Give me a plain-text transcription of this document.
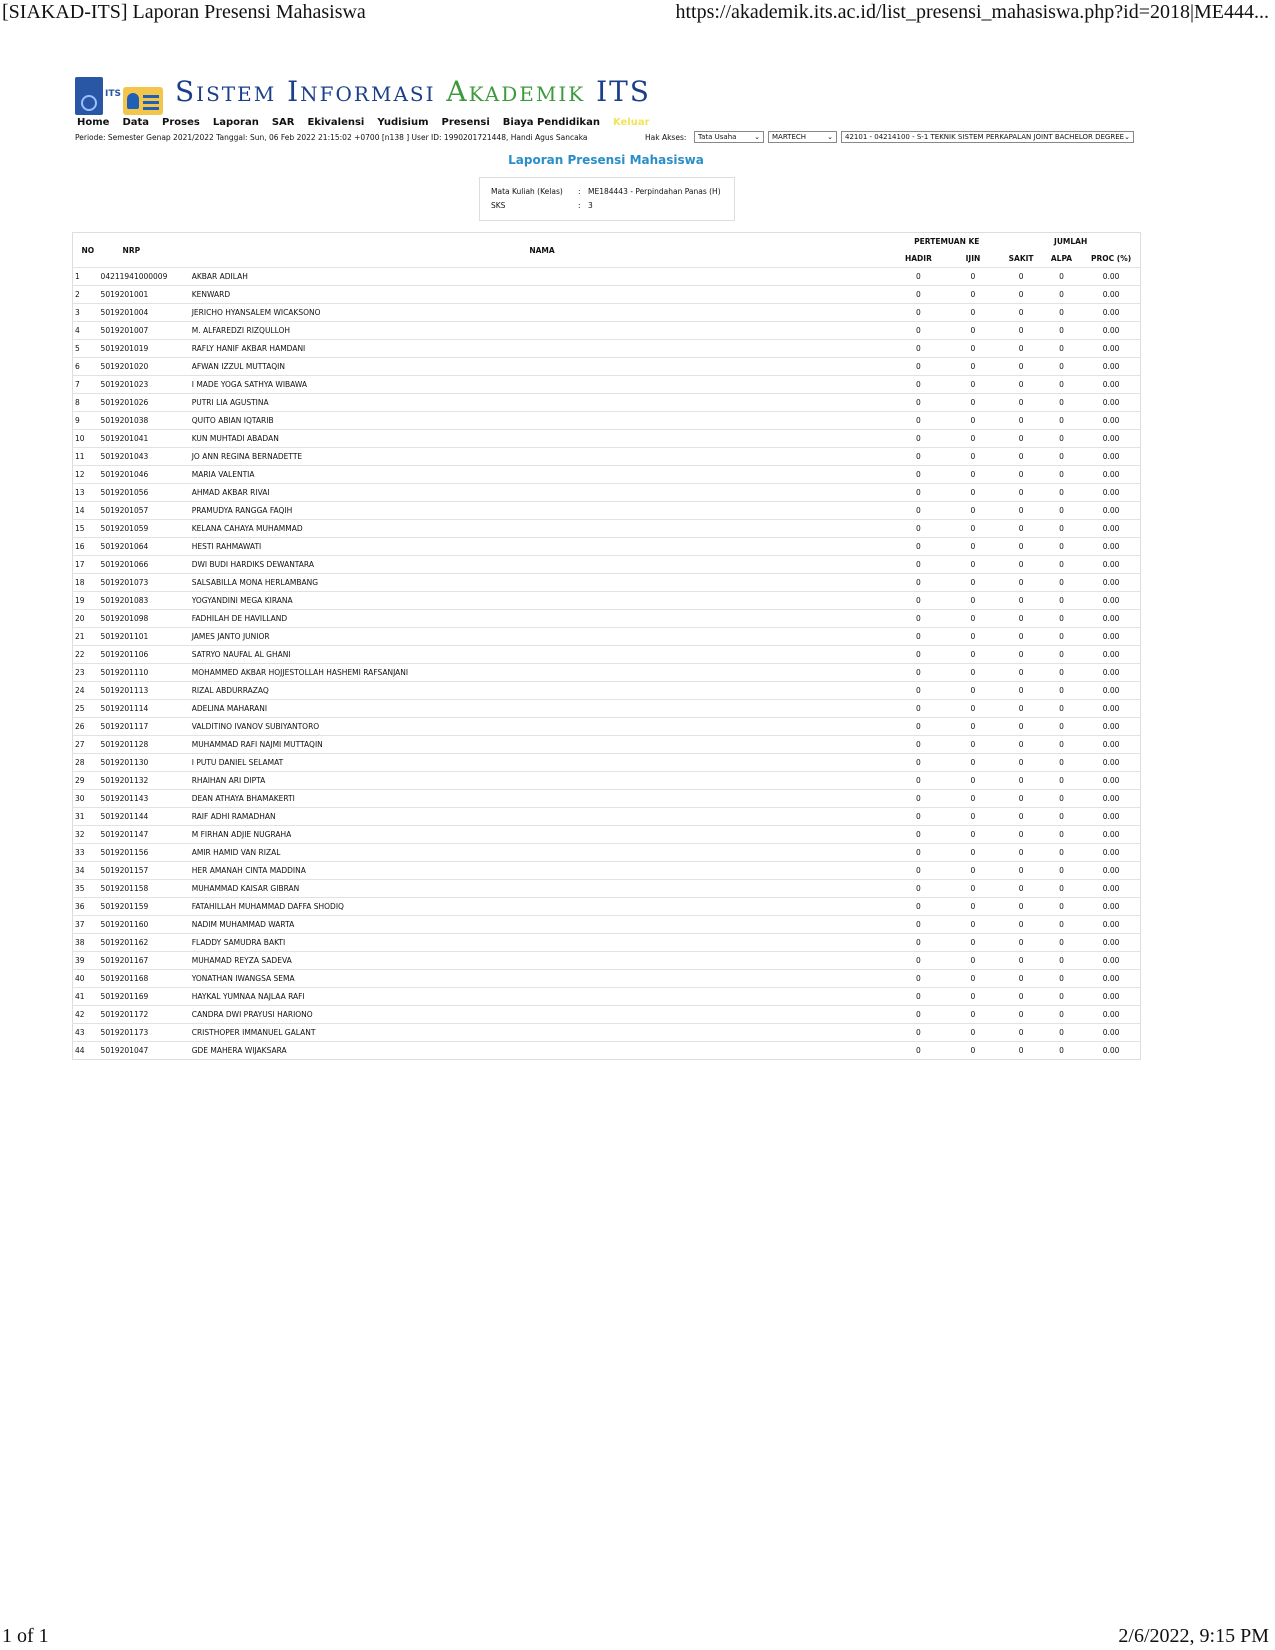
[SIAKAD-ITS] Laporan Presensi Mahasiswa	https://akademik.its.ac.id/list_presensi_mahasiswa.php?id=2018|ME444...
ITS Sistem Informasi Akademik ITS
Home Data Proses Laporan SAR Ekivalensi Yudisium Presensi Biaya Pendidikan Keluar
Periode: Semester Genap 2021/2022 Tanggal: Sun, 06 Feb 2022 21:15:02 +0700 [n138 ] User ID: 1990201721448, Handi Agus Sancaka	Hak Akses:	Tata Usaha	⌄	MARTECH	⌄	42101 - 04214100 - S-1 TEKNIK SISTEM PERKAPALAN JOINT BACHELOR DEGREE ⌄
Laporan Presensi Mahasiswa
Mata Kuliah (Kelas) : ME184443 - Perpindahan Panas (H)
SKS	: 3
NO	NRP	NAMA	PERTEMUAN KE		JUMLAH		
			HADIR	IJIN	SAKIT	ALPA	PROC (%)
1	04211941000009	AKBAR ADILAH	0	0	0	0	0.00
2	5019201001	KENWARD	0	0	0	0	0.00
3	5019201004	JERICHO HYANSALEM WICAKSONO	0	0	0	0	0.00
4	5019201007	M. ALFAREDZI RIZQULLOH	0	0	0	0	0.00
5	5019201019	RAFLY HANIF AKBAR HAMDANI	0	0	0	0	0.00
6	5019201020	AFWAN IZZUL MUTTAQIN	0	0	0	0	0.00
7	5019201023	I MADE YOGA SATHYA WIBAWA	0	0	0	0	0.00
8	5019201026	PUTRI LIA AGUSTINA	0	0	0	0	0.00
9	5019201038	QUITO ABIAN IQTARIB	0	0	0	0	0.00
10	5019201041	KUN MUHTADI ABADAN	0	0	0	0	0.00
11	5019201043	JO ANN REGINA BERNADETTE	0	0	0	0	0.00
12	5019201046	MARIA VALENTIA	0	0	0	0	0.00
13	5019201056	AHMAD AKBAR RIVAI	0	0	0	0	0.00
14	5019201057	PRAMUDYA RANGGA FAQIH	0	0	0	0	0.00
15	5019201059	KELANA CAHAYA MUHAMMAD	0	0	0	0	0.00
16	5019201064	HESTI RAHMAWATI	0	0	0	0	0.00
17	5019201066	DWI BUDI HARDIKS DEWANTARA	0	0	0	0	0.00
18	5019201073	SALSABILLA MONA HERLAMBANG	0	0	0	0	0.00
19	5019201083	YOGYANDINI MEGA KIRANA	0	0	0	0	0.00
20	5019201098	FADHILAH DE HAVILLAND	0	0	0	0	0.00
21	5019201101	JAMES JANTO JUNIOR	0	0	0	0	0.00
22	5019201106	SATRYO NAUFAL AL GHANI	0	0	0	0	0.00
23	5019201110	MOHAMMED AKBAR HOJJESTOLLAH HASHEMI RAFSANJANI	0	0	0	0	0.00
24	5019201113	RIZAL ABDURRAZAQ	0	0	0	0	0.00
25	5019201114	ADELINA MAHARANI	0	0	0	0	0.00
26	5019201117	VALDITINO IVANOV SUBIYANTORO	0	0	0	0	0.00
27	5019201128	MUHAMMAD RAFI NAJMI MUTTAQIN	0	0	0	0	0.00
28	5019201130	I PUTU DANIEL SELAMAT	0	0	0	0	0.00
29	5019201132	RHAIHAN ARI DIPTA	0	0	0	0	0.00
30	5019201143	DEAN ATHAYA BHAMAKERTI	0	0	0	0	0.00
31	5019201144	RAIF ADHI RAMADHAN	0	0	0	0	0.00
32	5019201147	M FIRHAN ADJIE NUGRAHA	0	0	0	0	0.00
33	5019201156	AMIR HAMID VAN RIZAL	0	0	0	0	0.00
34	5019201157	HER AMANAH CINTA MADDINA	0	0	0	0	0.00
35	5019201158	MUHAMMAD KAISAR GIBRAN	0	0	0	0	0.00
36	5019201159	FATAHILLAH MUHAMMAD DAFFA SHODIQ	0	0	0	0	0.00
37	5019201160	NADIM MUHAMMAD WARTA	0	0	0	0	0.00
38	5019201162	FLADDY SAMUDRA BAKTI	0	0	0	0	0.00
39	5019201167	MUHAMAD REYZA SADEVA	0	0	0	0	0.00
40	5019201168	YONATHAN IWANGSA SEMA	0	0	0	0	0.00
41	5019201169	HAYKAL YUMNAA NAJLAA RAFI	0	0	0	0	0.00
42	5019201172	CANDRA DWI PRAYUSI HARIONO	0	0	0	0	0.00
43	5019201173	CRISTHOPER IMMANUEL GALANT	0	0	0	0	0.00
44	5019201047	GDE MAHERA WIJAKSARA	0	0	0	0	0.00
1 of 1	2/6/2022, 9:15 PM
